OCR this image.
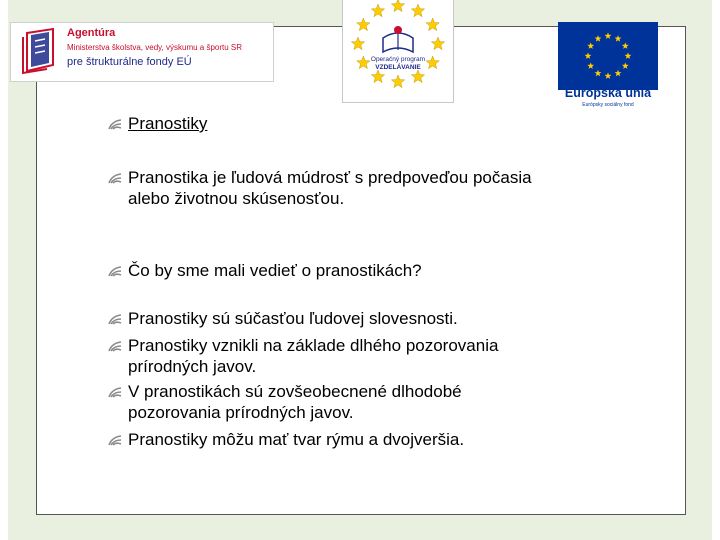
Agentúra
Ministerstva školstva, vedy, výskumu a športu SR
pre štrukturálne fondy EÚ	Operačný program
VZDELÁVANIE
Európska únia
Európsky sociálny fond
Pranostiky
Pranostika je ľudová múdrosť s predpoveďou počasia
alebo životnou skúsenosťou.
Čo by sme mali vedieť o pranostikách?
Pranostiky sú súčasťou ľudovej slovesnosti.
Pranostiky vznikli na základe dlhého pozorovania
prírodných javov.
V pranostikách sú zovšeobecnené dlhodobé
pozorovania prírodných javov.
Pranostiky môžu mať tvar rýmu a dvojveršia.
